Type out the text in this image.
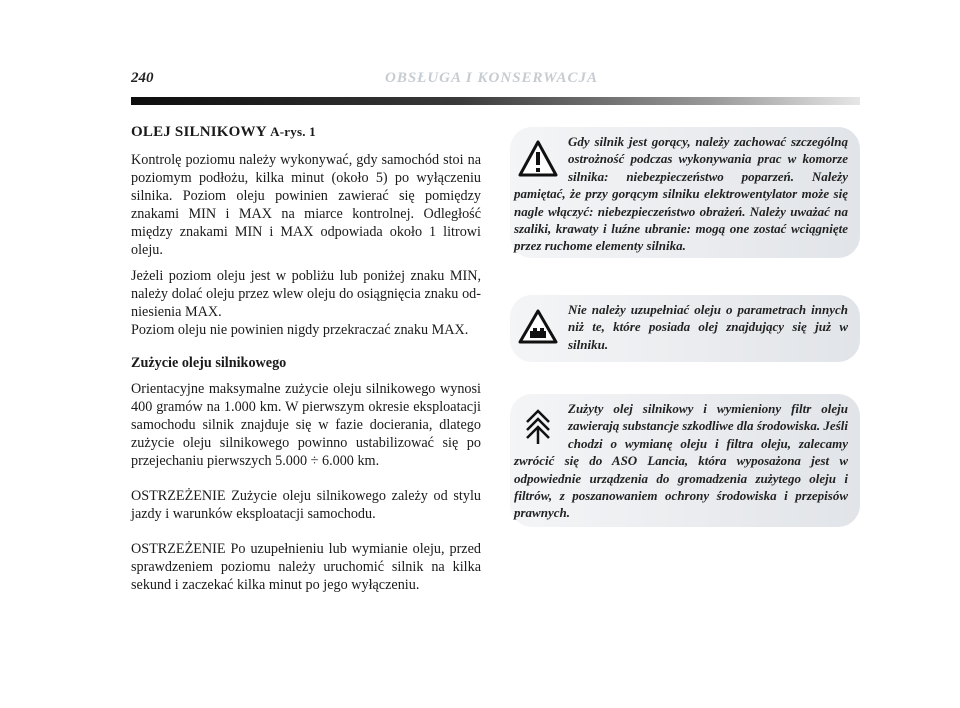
240	OBSŁUGA I KONSERWACJA
OLEJ SILNIKOWY A-rys. 1

Kontrolę poziomu należy wykonywać, gdy samochód stoi na poziomym podłożu, kilka minut (około 5) po wyłączeniu silnika. Poziom oleju powinien zawierać się pomiędzy znakami MIN i MAX na miarce kontrolnej. Odległość między znakami MIN i MAX odpowiada około 1 litrowi oleju.

Jeżeli poziom oleju jest w pobliżu lub poniżej znaku MIN, należy dolać oleju przez wlew oleju do osiągnięcia znaku od-niesienia MAX.

Poziom oleju nie powinien nigdy przekraczać znaku MAX.

Zużycie oleju silnikowego

Orientacyjne maksymalne zużycie oleju silnikowego wynosi 400 gramów na 1.000 km. W pierwszym okresie eksploatacji samochodu silnik znajduje się w fazie docierania, dlatego zużycie oleju silnikowego powinno ustabilizować się po przejechaniu pierwszych 5.000 ÷ 6.000 km.

OSTRZEŻENIE Zużycie oleju silnikowego zależy od stylu jazdy i warunków eksploatacji samochodu.

OSTRZEŻENIE Po uzupełnieniu lub wymianie oleju, przed sprawdzeniem poziomu należy uruchomić silnik na kilka sekund i zaczekać kilka minut po jego wyłączeniu.

Gdy silnik jest gorący, należy zachować szczególną ostrożność podczas wykonywania prac w komorze silnika: niebezpieczeństwo poparzeń. Należy pamiętać, że przy gorącym silniku elektrowentylator może się nagle włączyć: niebezpieczeństwo obrażeń. Należy uważać na szaliki, krawaty i luźne ubranie: mogą one zostać wciągnięte przez ruchome elementy silnika.
Nie należy uzupełniać oleju o parametrach innych niż te, które posiada olej znajdujący się już w silniku.
Zużyty olej silnikowy i wymieniony filtr oleju zawierają substancje szkodliwe dla środowiska. Jeśli chodzi o wymianę oleju i filtra oleju, zalecamy zwrócić się do ASO Lancia, która wyposażona jest w odpowiednie urządzenia do gromadzenia zużytego oleju i filtrów, z poszanowaniem ochrony środowiska i przepisów prawnych.
